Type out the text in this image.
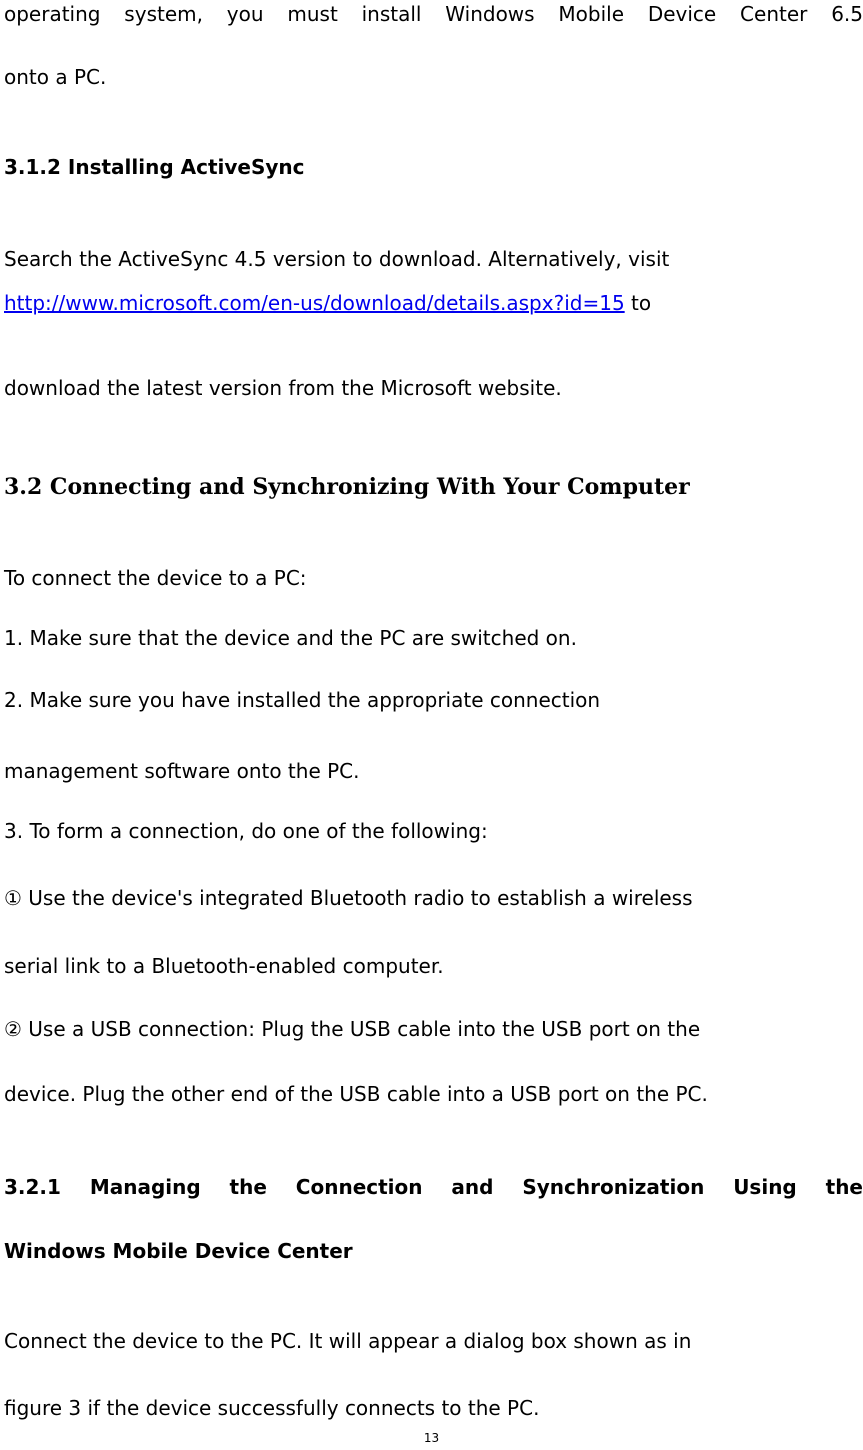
operating system, you must install Windows Mobile Device Center 6.5

onto a PC.

3.1.2 Installing ActiveSync

Search the ActiveSync 4.5 version to download. Alternatively, visit

http://www.microsoft.com/en-us/download/details.aspx?id=15 to

download the latest version from the Microsoft website.

3.2 Connecting and Synchronizing With Your Computer

To connect the device to a PC:

1. Make sure that the device and the PC are switched on.

2. Make sure you have installed the appropriate connection

management software onto the PC.

3. To form a connection, do one of the following:

① Use the device's integrated Bluetooth radio to establish a wireless

serial link to a Bluetooth-enabled computer.

② Use a USB connection: Plug the USB cable into the USB port on the

device. Plug the other end of the USB cable into a USB port on the PC.

3.2.1 Managing the Connection and Synchronization Using the

Windows Mobile Device Center

Connect the device to the PC. It will appear a dialog box shown as in

figure 3 if the device successfully connects to the PC.

13
